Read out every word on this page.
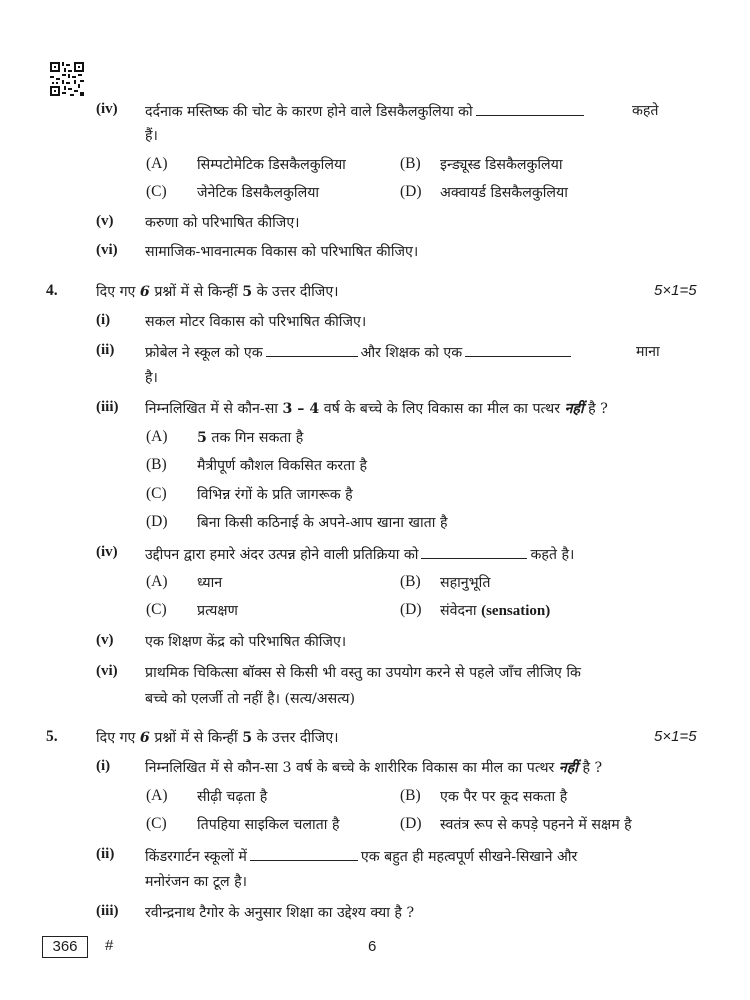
(iv) दर्दनाक मस्तिष्क की चोट के कारण होने वाले डिसकैलकुलिया को	कहते
हैं।
(A) सिम्पटोमेटिक डिसकैलकुलिया	(B) इन्ड्यूस्ड डिसकैलकुलिया
(C) जेनेटिक डिसकैलकुलिया	(D) अक्वायर्ड डिसकैलकुलिया
(v) करुणा को परिभाषित कीजिए।
(vi) सामाजिक-भावनात्मक विकास को परिभाषित कीजिए।
4.	दिए गए 6 प्रश्नों में से किन्हीं 5 के उत्तर दीजिए।	5×1=5
(i) सकल मोटर विकास को परिभाषित कीजिए।
(ii) फ्रोबेल ने स्कूल को एक	और शिक्षक को एक	माना
है।
(iii) निम्नलिखित में से कौन-सा 3 – 4 वर्ष के बच्चे के लिए विकास का मील का पत्थर नहीं है ?
(A) 5 तक गिन सकता है
(B) मैत्रीपूर्ण कौशल विकसित करता है
(C) विभिन्न रंगों के प्रति जागरूक है
(D) बिना किसी कठिनाई के अपने-आप खाना खाता है
(iv) उद्दीपन द्वारा हमारे अंदर उत्पन्न होने वाली प्रतिक्रिया को	कहते है।
(A) ध्यान	(B) सहानुभूति
(C) प्रत्यक्षण	(D) संवेदना (sensation)
(v) एक शिक्षण केंद्र को परिभाषित कीजिए।
(vi) प्राथमिक चिकित्सा बॉक्स से किसी भी वस्तु का उपयोग करने से पहले जाँच लीजिए कि
बच्चे को एलर्जी तो नहीं है। (सत्य/असत्य)
5.	दिए गए 6 प्रश्नों में से किन्हीं 5 के उत्तर दीजिए।	5×1=5
(i) निम्नलिखित में से कौन-सा 3 वर्ष के बच्चे के शारीरिक विकास का मील का पत्थर नहीं है ?
(A) सीढ़ी चढ़ता है	(B) एक पैर पर कूद सकता है
(C) तिपहिया साइकिल चलाता है	(D) स्वतंत्र रूप से कपड़े पहनने में सक्षम है
(ii) किंडरगार्टन स्कूलों में	एक बहुत ही महत्वपूर्ण सीखने-सिखाने और
मनोरंजन का टूल है।
(iii) रवीन्द्रनाथ टैगोर के अनुसार शिक्षा का उद्देश्य क्या है ?
366	#	6
